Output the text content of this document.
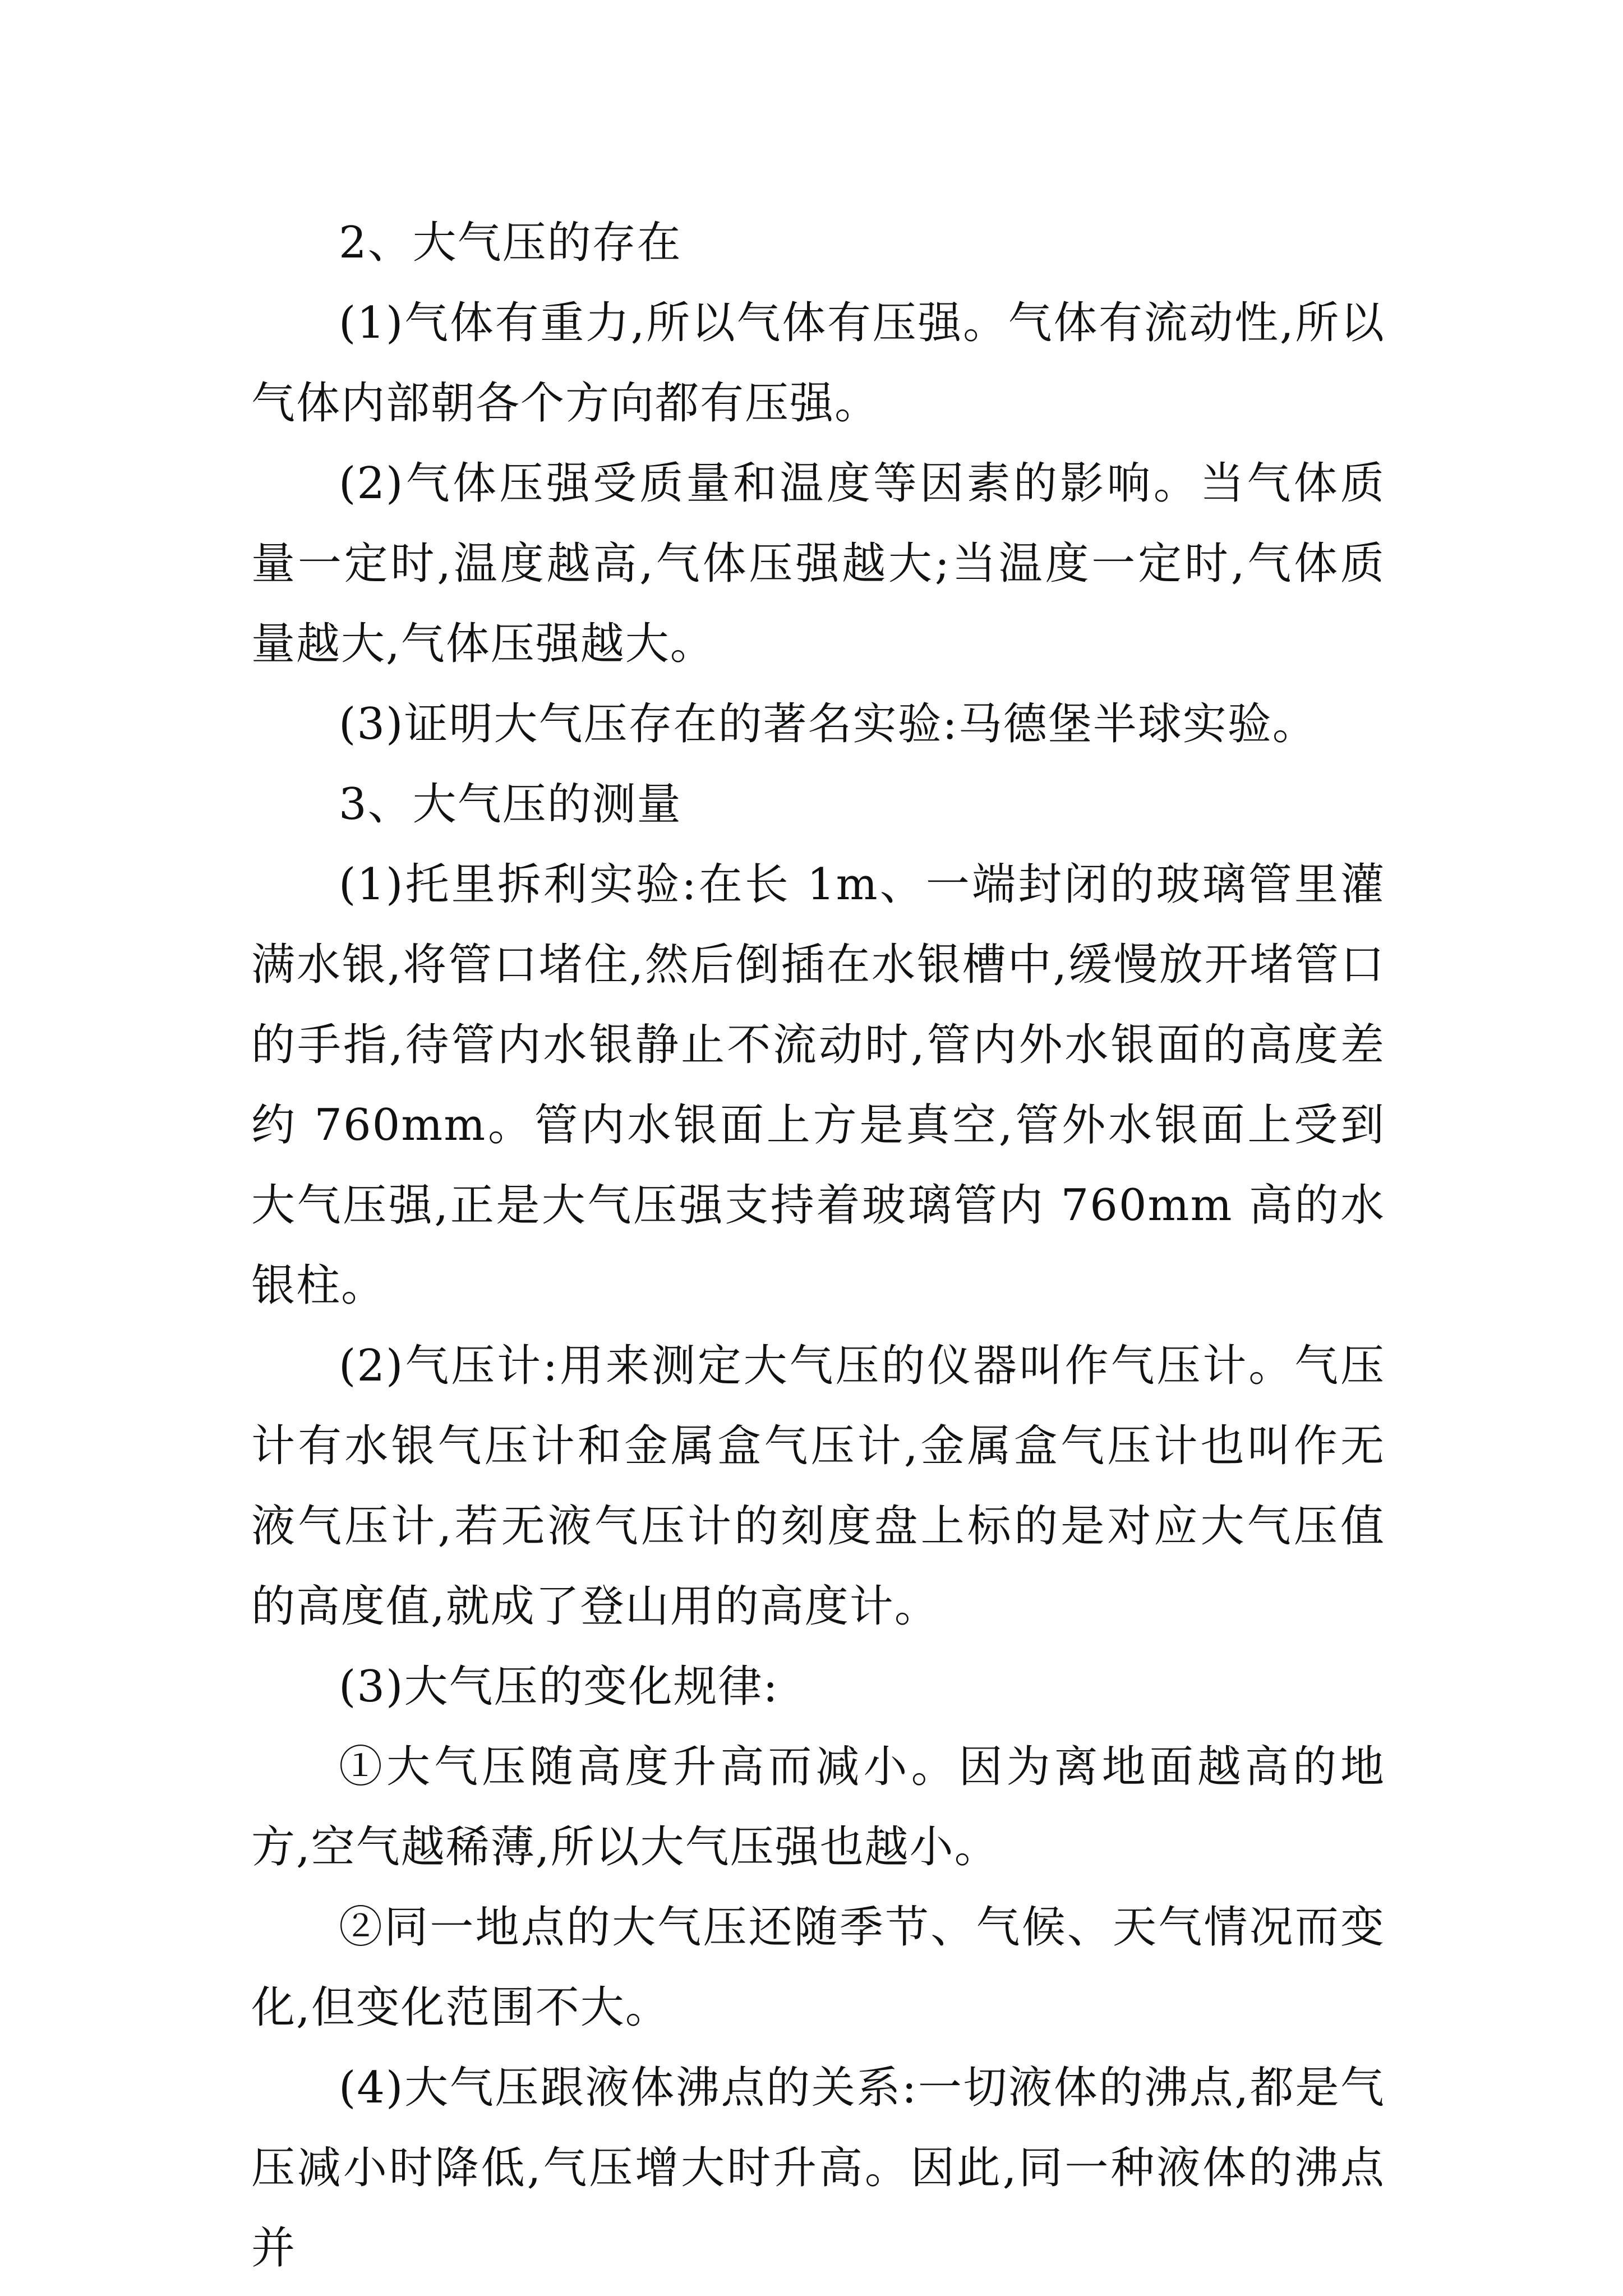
2、大气压的存在

(1)气体有重力,所以气体有压强。气体有流动性,所以气体内部朝各个方向都有压强。

(2)气体压强受质量和温度等因素的影响。当气体质量一定时,温度越高,气体压强越大;当温度一定时,气体质量越大,气体压强越大。

(3)证明大气压存在的著名实验:马德堡半球实验。

3、大气压的测量

(1)托里拆利实验:在长 1m、一端封闭的玻璃管里灌满水银,将管口堵住,然后倒插在水银槽中,缓慢放开堵管口的手指,待管内水银静止不流动时,管内外水银面的高度差约 760mm。管内水银面上方是真空,管外水银面上受到大气压强,正是大气压强支持着玻璃管内 760mm 高的水银柱。

(2)气压计:用来测定大气压的仪器叫作气压计。气压计有水银气压计和金属盒气压计,金属盒气压计也叫作无液气压计,若无液气压计的刻度盘上标的是对应大气压值的高度值,就成了登山用的高度计。

(3)大气压的变化规律:

①大气压随高度升高而减小。因为离地面越高的地方,空气越稀薄,所以大气压强也越小。

②同一地点的大气压还随季节、气候、天气情况而变化,但变化范围不大。

(4)大气压跟液体沸点的关系:一切液体的沸点,都是气压减小时降低,气压增大时升高。因此,同一种液体的沸点并
